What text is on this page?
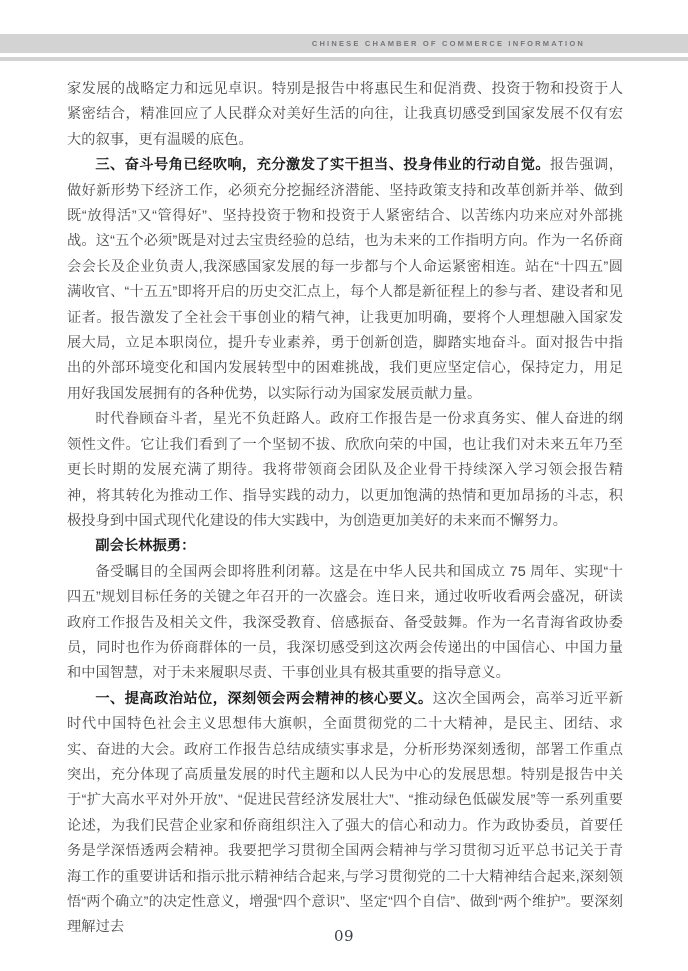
CHINESE CHAMBER OF COMMERCE INFORMATION

家发展的战略定力和远见卓识。特别是报告中将惠民生和促消费、投资于物和投资于人紧密结合，精准回应了人民群众对美好生活的向往，让我真切感受到国家发展不仅有宏大的叙事，更有温暖的底色。

三、奋斗号角已经吹响，充分激发了实干担当、投身伟业的行动自觉。报告强调，做好新形势下经济工作，必须充分挖掘经济潜能、坚持政策支持和改革创新并举、做到既“放得活”又“管得好”、坚持投资于物和投资于人紧密结合、以苦练内功来应对外部挑战。这“五个必须”既是对过去宝贵经验的总结，也为未来的工作指明方向。作为一名侨商会会长及企业负责人,我深感国家发展的每一步都与个人命运紧密相连。站在“十四五”圆满收官、“十五五”即将开启的历史交汇点上，每个人都是新征程上的参与者、建设者和见证者。报告激发了全社会干事创业的精气神，让我更加明确，要将个人理想融入国家发展大局，立足本职岗位，提升专业素养，勇于创新创造，脚踏实地奋斗。面对报告中指出的外部环境变化和国内发展转型中的困难挑战，我们更应坚定信心，保持定力，用足用好我国发展拥有的各种优势，以实际行动为国家发展贡献力量。

时代眷顾奋斗者，星光不负赶路人。政府工作报告是一份求真务实、催人奋进的纲领性文件。它让我们看到了一个坚韧不拔、欣欣向荣的中国，也让我们对未来五年乃至更长时期的发展充满了期待。我将带领商会团队及企业骨干持续深入学习领会报告精神，将其转化为推动工作、指导实践的动力，以更加饱满的热情和更加昂扬的斗志，积极投身到中国式现代化建设的伟大实践中，为创造更加美好的未来而不懈努力。

副会长林振勇：

备受瞩目的全国两会即将胜利闭幕。这是在中华人民共和国成立 75 周年、实现“十四五”规划目标任务的关键之年召开的一次盛会。连日来，通过收听收看两会盛况，研读政府工作报告及相关文件，我深受教育、倍感振奋、备受鼓舞。作为一名青海省政协委员，同时也作为侨商群体的一员，我深切感受到这次两会传递出的中国信心、中国力量和中国智慧，对于未来履职尽责、干事创业具有极其重要的指导意义。

一、提高政治站位，深刻领会两会精神的核心要义。这次全国两会，高举习近平新时代中国特色社会主义思想伟大旗帜，全面贯彻党的二十大精神，是民主、团结、求实、奋进的大会。政府工作报告总结成绩实事求是，分析形势深刻透彻，部署工作重点突出，充分体现了高质量发展的时代主题和以人民为中心的发展思想。特别是报告中关于“扩大高水平对外开放”、“促进民营经济发展壮大”、“推动绿色低碳发展”等一系列重要论述，为我们民营企业家和侨商组织注入了强大的信心和动力。作为政协委员，首要任务是学深悟透两会精神。我要把学习贯彻全国两会精神与学习贯彻习近平总书记关于青海工作的重要讲话和指示批示精神结合起来,与学习贯彻党的二十大精神结合起来,深刻领悟“两个确立”的决定性意义，增强“四个意识”、坚定“四个自信”、做到“两个维护”。要深刻理解过去	09
